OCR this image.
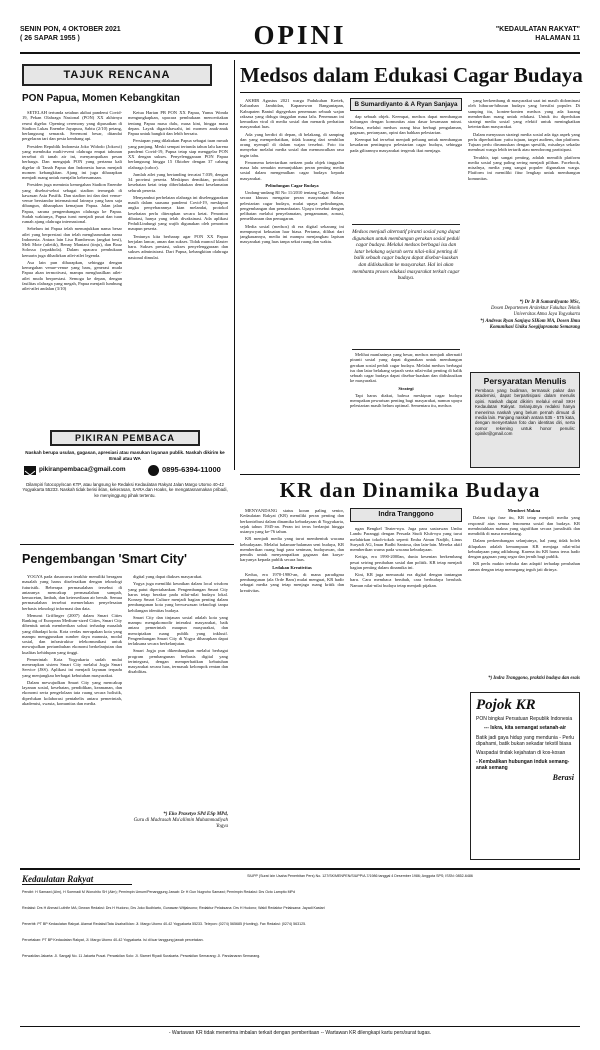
SENIN PON, 4 OKTOBER 2021
( 26 SAPAR 1955 )	OPINI	"KEDAULATAN RAKYAT"
HALAMAN 11
TAJUK RENCANA
PON Papua, Momen Kebangkitan

SETELAH tertunda setahun akibat pandemi Covid-19, Pekan Olahraga Nasional (PON) XX akhirnya resmi digelar. Opening ceremony yang dipusatkan di Stadion Lukas Enembe Jayapura, Sabtu (2/10) petang, berlangsung semarak. Seremoni besar, ditandai pergelaran tari dan pesta kembang api.

Presiden Republik Indonesia Joko Widodo (Jokowi) yang membuka multi-event olahraga empat tahunan tersebut di tanah air ini, menyampaikan pesan berharga. Dan mengajak PON yang pertama kali digelar di Tanah Papua dan Indonesia harus menjadi momen kebangkitan. Ajang ini juga diharapkan menjadi ruang untuk menjalin kebersamaan.

Presiden juga meminta kemegahan Stadion Enembe yang disebut-sebut sebagai stadion termegah di kawasan Asia Pasifik. Dan stadion ini dan dari venue-venue berstandar internasional lainnya yang baru saja dibangun, diharapkan kemajuan Papua. Jalan jalan Papua, sarana pengembangan olahraga ke Papua. Sudah waktunya, Papua turut menjadi pusat dan tuan rumah ajang olahraga internasional.

Sebelum ini Papua telah menunjukkan nama besar atlet yang berprestasi dan telah mengharumkan nama Indonesia. Antara lain Lisa Rumbewas (angkat besi), Meli Mote (atletik), Benny Maniani (tinju), dan Boaz Solossa (sepakbola). Dalam upacara pembukaan kemarin juga dihadirkan atlet-atlet legenda.

Asa lain pun diharapkan, sehingga dengan kemegahan venue-venue yang baru, generasi muda Papua akan termotivasi, mampu menghasilkan atlet-atlet muda berprestasi. Semoga ke depan, dengan fasilitas olahraga yang megah, Papua menjadi lumbung atlet-atlet andalan (3/10)

Ketua Harian PB PON XX Papua, Yunus Wonda mengungkapkan, upacara pembukaan menceritakan tentang Papua masa dulu, masa kini, hingga masa depan. Layak digarisbawahi, ini momen anak-anak Papua untuk bangkit dan lebih bersatu.

Persiapan yang dilakukan Papua sebagai tuan rumah yang panjang. Meski sempat tertunda tahun lalu karena pandemi Covid-19, Papua tetap siap menggelar PON XX dengan sukses. Penyelenggaraan PON Papua berlangsung hingga 15 Oktober dengan 37 cabang olahraga (cabor).

Jumlah atlet yang bertanding tercatat 7.039, dengan 34 provinsi peserta. Meskipun demikian, protokol kesehatan ketat tetap diberlakukan demi keselamatan seluruh peserta.

Menyambut perhelatan olahraga ini diselenggarakan masih dalam suasana pandemi Covid-19, meskipun angka penyebarannya kian melandai, protokol kesehatan perlu diterapkan secara ketat. Penonton dibatasi, hanya yang telah divaksinasi. Ada aplikasi PeduliLindungi yang wajib digunakan oleh penonton maupun peserta.

Tentunya kita berharap agar PON XX Papua berjalan lancar, aman dan sukses. Tidak muncul klaster baru. Sukses prestasi, sukses penyelenggaraan dan sukses administrasi. Dari Papua, kebangkitan olahraga nasional dimulai.

PIKIRAN PEMBACA
Naskah berupa usulan, gagasan, apresiasi atau masukan layanan publik. Naskah dikirim ke Email atau WA
pikiranpembaca@gmail.com	0895-6394-11000
Dilampiri fotocopy/scan KTP, atau langsung ke Redaksi Kedaulatan Rakyat Jalan Margo Utomo 40-42 Yogyakarta 55233. Naskah tidak berisi iklan, kekerasan, SARA dan Hoaks, ke mengatasnamakan pribadi, ke menyinggung pihak tertentu.
Pengembangan 'Smart City'

YOGYA pada dasawarsa terakhir memiliki beragam masalah yang harus diselesaikan dengan teknologi futuristik. Beberapa permasalahan tersebut di antaranya mencakup permasalahan sampah, kemacetan, limbah, dan ketersediaan air bersih. Semua permasalahan tersebut memerlukan penyelesaian berbasis teknologi informasi dan data.

Menurut Griffinger (2007) dalam Smart Cities Ranking of European Medium-sized Cities, Smart City dibentuk untuk memberikan solusi terhadap masalah yang dihadapi kota. Kota cerdas merupakan kota yang mampu menggunakan sumber daya manusia, modal sosial, dan infrastruktur telekomunikasi untuk mewujudkan pertumbuhan ekonomi berkelanjutan dan kualitas kehidupan yang tinggi.

Pemerintah Kota Yogyakarta sudah mulai menerapkan sistem Smart City melalui Jogja Smart Service (JSS). Aplikasi ini menjadi layanan terpadu yang menjangkau berbagai kebutuhan masyarakat.

Dalam mewujudkan Smart City yang mencakup layanan sosial, kesehatan, pendidikan, keamanan, dan ekonomi serta pengelolaan tata ruang secara holistik, diperlukan kolaborasi pentahelix antara pemerintah, akademisi, swasta, komunitas dan media.

digital yang dapat diakses masyarakat.

Yogya juga memiliki keunikan dalam local wisdom yang patut dipertahankan. Pengembangan Smart City harus tetap berakar pada nilai-nilai budaya lokal. Konsep Smart Culture menjadi bagian penting dalam pembangunan kota yang berwawasan teknologi tanpa kehilangan identitas budaya.

Smart City dan tinjauan sosial adalah kota yang mampu mengakomodir interaksi masyarakat, baik antara pemerintah maupun masyarakat, dan menciptakan ruang publik yang inklusif. Pengembangan Smart City di Yogya diharapkan dapat terlaksana secara berkelanjutan.

Smart Jogja pun dikembangkan melalui berbagai program pembangunan berbasis digital yang terintegrasi, dengan memperhatikan kebutuhan masyarakat secara luas, termasuk kelompok rentan dan disabilitas.

*) Eko Prasetyo SPd ESp MPd,
Guru di Madrasah Mu'allimin Muhammadiyah Yogya
Medsos dalam Edukasi Cagar Budaya

AKHIR Agustus 2021 warga Padukuhan Kretek, Kalurahan Jambidan, Kapanewon Banguntapan, Kabupaten Bantul digegerkan penemuan sebuah wajan raksasa yang diduga tinggalan masa lalu. Penemuan ini kemudian viral di media sosial dan menarik perhatian masyarakat luas.

Ada yang berdiri di depan, di belakang, di samping dan yang memperhatikan, tidak kurang dari sembilan orang nyempil di dalam wajan tersebut. Foto itu menyebar melalui media sosial dan memunculkan rasa ingin tahu.

Fenomena ketertarikan netizen pada objek tinggalan masa lalu semakin menunjukkan peran penting media sosial dalam mengenalkan cagar budaya kepada masyarakat.

Pelindungan Cagar Budaya

Undang-undang RI No 11/2010 tentang Cagar Budaya secara khusus mengatur peran masyarakat dalam pelestarian cagar budaya, mulai upaya pelindungan, pengembangan dan pemanfaatan. Upaya tersebut dengan pelibatan melalui penyelamatan, pengamanan, zonasi, pemeliharaan dan pemugaran.

Media sosial (medsos) di era digital sekarang ini mempunyai kekuatan luar biasa. Pertama, dilihat dari jangkauannya, media ini mampu menjangkau lapisan masyarakat yang luas tanpa sekat ruang dan waktu.

B Sumardiyanto & A Ryan Sanjaya

dap sebuah objek. Keempat, medsos dapat membangun hubungan dengan komunitas atau dasar kesamaan minat. Kelima, melalui medsos orang bisa berbagi pengalaman, gagasan, pertanyaan, opini dan bahkan pelestarian.

Keempat hal tersebut menjadi peluang untuk membangun kesadaran pentingnya pelestarian cagar budaya, sehingga pada gilirannya masyarakat tergerak ikut menjaga.

Medsos menjadi alternatif piranti sosial yang dapat digunakan untuk membangun gerakan sosial peduli cagar budaya. Melalui medsos berbagai isu dan latar belakang sejarah serta nilai-nilai penting di balik sebuah cagar budaya dapat disebar-luaskan dan didiskusikan ke masyarakat. Hal ini akan membantu proses edukasi masyarakat terkait cagar budaya.

Melihat manfaatnya yang besar, medsos menjadi alternatif piranti sosial yang dapat digunakan untuk membangun gerakan sosial peduli cagar budaya. Melalui medsos berbagai isu dan latar belakang sejarah serta nilai-nilai penting di balik sebuah cagar budaya dapat disebar-luaskan dan didiskusikan ke masyarakat.

Strategi

Tapi harus diakui, bahwa meskipun cagar budaya merupakan pewarisan penting bagi masyarakat, namun upaya pelestarian masih belum optimal. Sementara itu, medsos

yang berkembang di masyarakat saat ini masih didominasi oleh hiburan-hiburan budaya yang bersifat populer. Di samping itu, konten-konten medsos yang ada kurang memberikan ruang untuk edukasi. Untuk itu diperlukan strategi media sosial yang efektif untuk meningkatkan ketertarikan masyarakat.

Dalam menyusun strategi media sosial ada tiga aspek yang perlu diperhatikan: yaitu tujuan, target audiens, dan platform. Tujuan perlu dirumuskan dengan spesifik, misalnya sekadar membuat warga lebih tertarik atau mendorong partisipasi.

Terakhir, tapi sangat penting, adalah memilih platform media sosial yang paling sering menjadi pilihan. Facebook, misalnya, media yang sangat populer digunakan warga. Platform ini memiliki fitur lengkap untuk membangun komunitas.

*) Dr Ir B Sumardiyanto MSc,
Dosen Departemen Arsitektur Fakultas Teknik Universitas Atma Jaya Yogyakarta
*) Andreas Ryan Sanjaya SIKom MA, Dosen Ilmu Komunikasi Unika Soegijapranata Semarang
Persyaratan Menulis
Pembaca yang budiman, termasuk pakar dan akademisi, dapat berpartisipasi dalam menulis opini. Naskah dapat dikirim melalui email SKH Kedaulatan Rakyat. Selanjutnya redaksi hanya menerima naskah yang belum pernah dimuat di media lain. Panjang naskah antara 535 - 575 kata, dengan menyertakan foto dan identitas diri, serta nomor rekening untuk honor penulis: opinikr@gmail.com
KR dan Dinamika Budaya

MENYANDANG status koran paling senior, Kedaulatan Rakyat (KR) memiliki peran penting dan berkontribusi dalam dinamika kebudayaan di Yogyakarta, sejak tahun 1945-an. Peran ini terus berlanjut hingga usianya yang ke-76 tahun.

KR menjadi media yang turut membentuk wacana kebudayaan. Melalui halaman-halaman seni budaya, KR memberikan ruang bagi para seniman, budayawan, dan penulis untuk menyampaikan gagasan dan karya-karyanya kepada publik secara luas.

Ledakan Kreativitas

Kedua, era 1970-1980-an, di mana paradigma pembangunan (ala Orde Baru) mulai menguat, KR hadir sebagai media yang tetap menjaga ruang kritik dan kreativitas.

Indra Tranggono

ngan Bengkel Teater-nya. Juga para sastrawan Umbu Landu Paranggi dengan Persada Studi Klub-nya yang turut melahirkan tokoh-tokoh seperti Emha Ainun Nadjib, Linus Suryadi AG, Iman Budhi Santosa, dan lain-lain. Mereka aktif memberikan warna pada wacana kebudayaan.

Ketiga, era 1990-2000an, dunia kesenian berkembang pesat seiring perubahan sosial dan politik. KR tetap menjadi bagian penting dalam dinamika ini.

Kini, KR juga memasuki era digital dengan tantangan baru. Cara membaca berubah, cara berbudaya berubah. Namun nilai-nilai budaya tetap menjadi pijakan.

Memberi Makna

Dalam tiga fase itu, KR tetap menjadi media yang responsif atas semua fenomena sosial dan budaya. KR membutuhkan makna yang signifikan secara jurnalistik dan mendidik di masa mendatang.

Dalam perkembangan selanjutnya, hal yang tidak boleh dilupakan adalah kemampuan KR menjaga nilai-nilai kebudayaan yang adiluhung. Karena itu KR harus terus hadir dengan gagasan yang segar dan jernih bagi publik.

KR perlu makin terbuka dan adaptif terhadap perubahan zaman dengan tetap memegang teguh jati dirinya.

*) Indra Tranggono, praktisi budaya dan esais
Pojok KR
PON bingkai Persatuan Republik Indonesia
--- Iskra, kita semangat setanah-air
Batik jadi gaya hidup yang mendunia - Perlu dipahami, batik bukan sekadar tekstil biasa
Waspadai tindak kejahatan di kos-kosan
- Kembalikan hubungan induk semang-anak semang
Berasi
Kedaulatan Rakyat	SIUPP (Surat Izin Usaha Penerbitan Pers) No. 127/SK/MENPEN/SIUPP/A.7/1986 tanggal 4 Desember 1986; Anggota SPS; ISSN: 0852-6486
Pendiri: H Samawi (Alm), H Soemadi M Wonohito SH (Alm); Pemimpin Umum/Penanggung Jawab: Dr H Gun Nugroho Samawi; Pemimpin Redaksi: Drs Octo Lampito MPd
Redaksi: Drs H Ahmad Luthfie MA; Dewan Redaksi: Drs H Hudono, Drs Joko Budhiarto, Gunawan Witjaksono; Redaktur Pelaksana: Drs H Hudono; Wakil Redaktur Pelaksana: Jayadi Kastari
Penerbit: PT BP Kedaulatan Rakyat. Alamat Redaksi/Tata Usaha/Iklan: Jl. Margo Utomo 40-42 Yogyakarta 55233. Telepon: (0274) 565685 (Hunting). Fax Redaksi: (0274) 563125.
Percetakan: PT BP Kedaulatan Rakyat, Jl. Margo Utomo 40-42 Yogyakarta. Isi di luar tanggung jawab percetakan.
Perwakilan Jakarta: Jl. Sangaji No. 11 Jakarta Pusat. Perwakilan Solo: Jl. Slamet Riyadi Surakarta. Perwakilan Semarang: Jl. Pandanaran Semarang.
- Wartawan KR tidak menerima imbalan terkait dengan pemberitaan -- Wartawan KR dilengkapi kartu pers/surat tugas.
